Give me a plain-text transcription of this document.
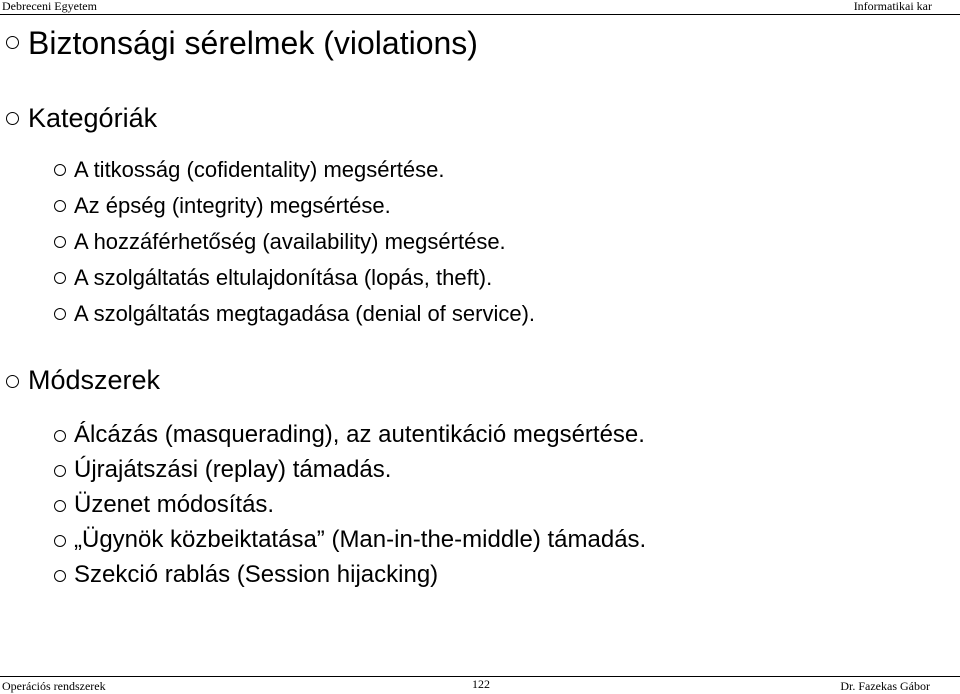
Debreceni Egyetem	Informatikai kar
Biztonsági sérelmek (violations)
Kategóriák
A titkosság (cofidentality) megsértése.
Az épség (integrity) megsértése.
A hozzáférhetőség (availability) megsértése.
A szolgáltatás eltulajdonítása (lopás, theft).
A szolgáltatás megtagadása (denial of service).
Módszerek
Álcázás (masquerading), az autentikáció megsértése.
Újrajátszási (replay) támadás.
Üzenet módosítás.
„Ügynök közbeiktatása” (Man-in-the-middle) támadás.
Szekció rablás (Session hijacking)
Operációs rendszerek	122	Dr. Fazekas Gábor
